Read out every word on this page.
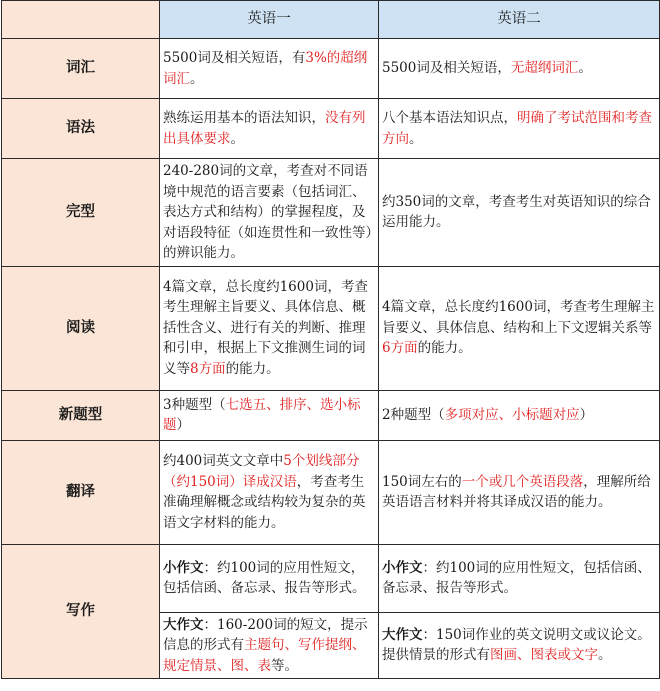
	英语一	英语二
词汇	5500词及相关短语，有3%的超纲词汇。	5500词及相关短语，无超纲词汇。
语法	熟练运用基本的语法知识，没有列出具体要求。	八个基本语法知识点，明确了考试范围和考查方向。
完型	240-280词的文章，考查对不同语境中规范的语言要素（包括词汇、表达方式和结构）的掌握程度，及对语段特征（如连贯性和一致性等）的辨识能力。	约350词的文章，考查考生对英语知识的综合运用能力。
阅读	4篇文章，总长度约1600词，考查考生理解主旨要义、具体信息、概括性含义、进行有关的判断、推理和引申，根据上下文推测生词的词义等8方面的能力。	4篇文章，总长度约1600词，考查考生理解主旨要义、具体信息、结构和上下文逻辑关系等6方面的能力。
新题型	3种题型（七选五、排序、选小标题）	2种题型（多项对应、小标题对应）
翻译	约400词英文文章中5个划线部分（约150词）译成汉语，考查考生准确理解概念或结构较为复杂的英语文字材料的能力。	150词左右的一个或几个英语段落，理解所给英语语言材料并将其译成汉语的能力。
写作	小作文：约100词的应用性短文，包括信函、备忘录、报告等形式。	小作文：约100词的应用性短文，包括信函、备忘录、报告等形式。
	大作文：160-200词的短文，提示信息的形式有主题句、写作提纲、规定情景、图、表等。	大作文：150词作业的英文说明文或议论文。提供情景的形式有图画、图表或文字。
